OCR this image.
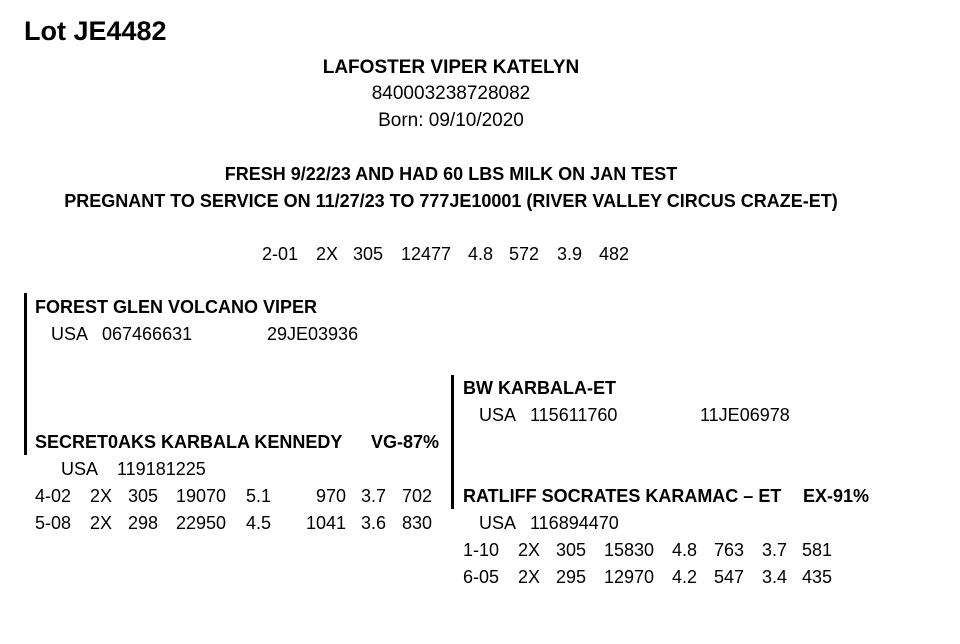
Lot JE4482
LAFOSTER VIPER KATELYN
840003238728082
Born: 09/10/2020
FRESH 9/22/23 AND HAD 60 LBS MILK ON JAN TEST
PREGNANT TO SERVICE ON 11/27/23 TO 777JE10001 (RIVER VALLEY CIRCUS CRAZE-ET)
2-01 2X 305 12477 4.8 572 3.9 482
FOREST GLEN VOLCANO VIPER
USA 067466631	29JE03936
BW KARBALA-ET
USA 115611760	11JE06978
SECRET0AKS KARBALA KENNEDY VG-87%
USA 119181225
4-02	2X 305 19070	5.1	970 3.7 702
5-08	2X 298 22950	4.5	1041 3.6 830
RATLIFF SOCRATES KARAMAC – ET EX-91%
USA 116894470
1-10	2X 305 15830 4.8 763 3.7 581
6-05	2X 295 12970 4.2 547 3.4 435
